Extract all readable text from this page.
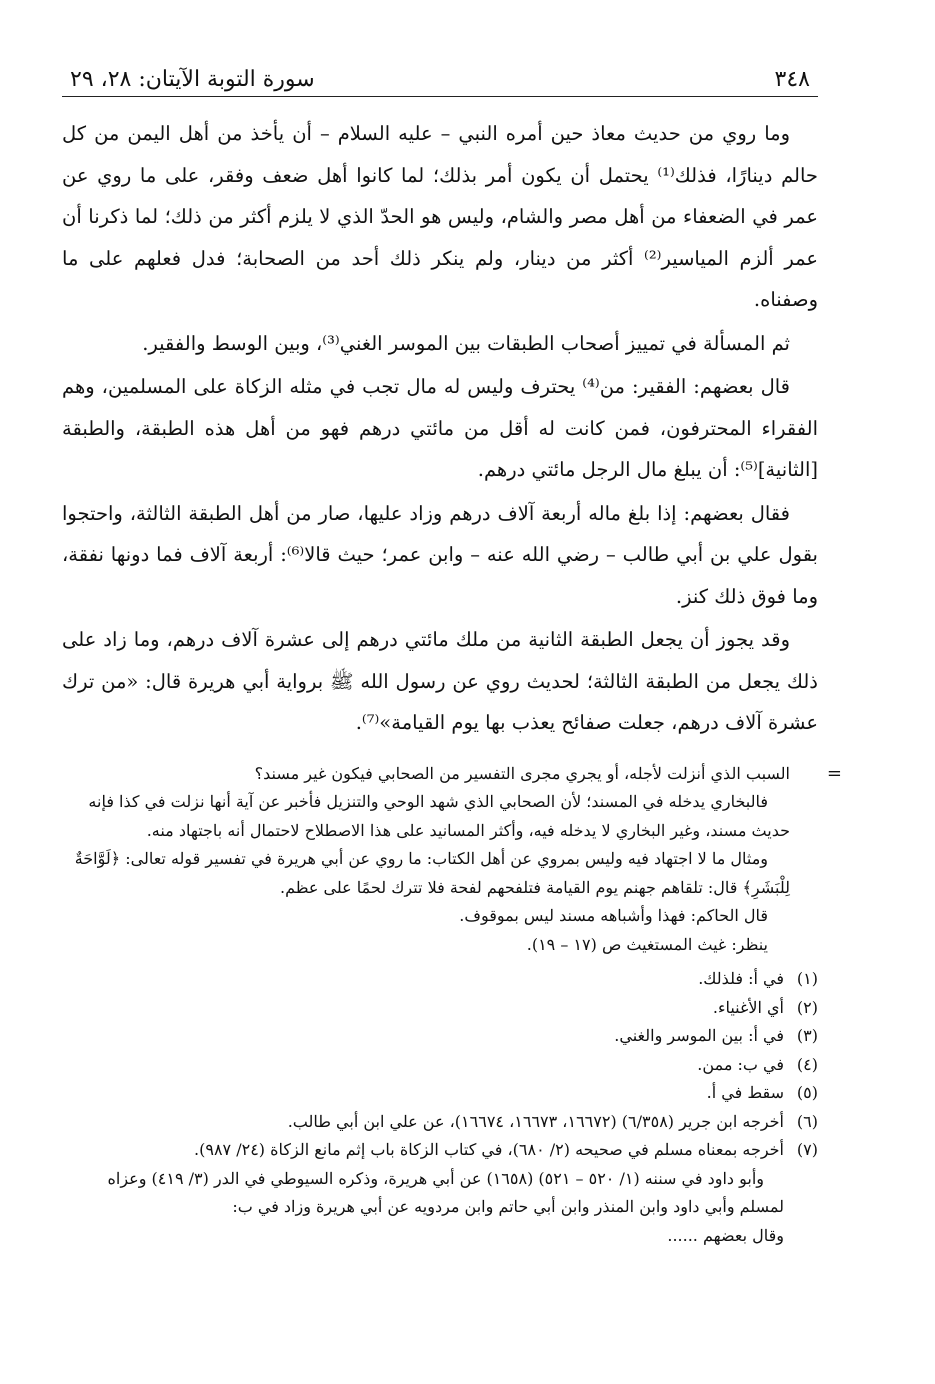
٣٤٨
سورة التوبة الآيتان: ٢٨، ٢٩

وما روي من حديث معاذ حين أمره النبي – عليه السلام – أن يأخذ من أهل اليمن من كل حالم دينارًا، فذلك⁽¹⁾ يحتمل أن يكون أمر بذلك؛ لما كانوا أهل ضعف وفقر، على ما روي عن عمر في الضعفاء من أهل مصر والشام، وليس هو الحدّ الذي لا يلزم أكثر من ذلك؛ لما ذكرنا أن عمر ألزم المياسير⁽²⁾ أكثر من دينار، ولم ينكر ذلك أحد من الصحابة؛ فدل فعلهم على ما وصفناه.

ثم المسألة في تمييز أصحاب الطبقات بين الموسر الغني⁽³⁾، وبين الوسط والفقير.

قال بعضهم: الفقير: من⁽⁴⁾ يحترف وليس له مال تجب في مثله الزكاة على المسلمين، وهم الفقراء المحترفون، فمن كانت له أقل من مائتي درهم فهو من أهل هذه الطبقة، والطبقة [الثانية]⁽⁵⁾: أن يبلغ مال الرجل مائتي درهم.

فقال بعضهم: إذا بلغ ماله أربعة آلاف درهم وزاد عليها، صار من أهل الطبقة الثالثة، واحتجوا بقول علي بن أبي طالب – رضي الله عنه – وابن عمر؛ حيث قالا⁽⁶⁾: أربعة آلاف فما دونها نفقة، وما فوق ذلك كنز.

وقد يجوز أن يجعل الطبقة الثانية من ملك مائتي درهم إلى عشرة آلاف درهم، وما زاد على ذلك يجعل من الطبقة الثالثة؛ لحديث روي عن رسول الله ﷺ برواية أبي هريرة قال: «من ترك عشرة آلاف درهم، جعلت صفائح يعذب بها يوم القيامة»⁽⁷⁾.

=

السبب الذي أنزلت لأجله، أو يجري مجرى التفسير من الصحابي فيكون غير مسند؟

فالبخاري يدخله في المسند؛ لأن الصحابي الذي شهد الوحي والتنزيل فأخبر عن آية أنها نزلت في كذا فإنه حديث مسند، وغير البخاري لا يدخله فيه، وأكثر المسانيد على هذا الاصطلاح لاحتمال أنه باجتهاد منه.

ومثال ما لا اجتهاد فيه وليس بمروي عن أهل الكتاب: ما روي عن أبي هريرة في تفسير قوله تعالى: ﴿لَوَّاحَةٌ لِلْبَشَرِ﴾ قال: تلقاهم جهنم يوم القيامة فتلفحهم لفحة فلا تترك لحمًا على عظم.

قال الحاكم: فهذا وأشباهه مسند ليس بموقوف.

ينظر: غيث المستغيث ص (١٧ – ١٩).

(١)
في أ: فلذلك.
(٢)
أي الأغنياء.
(٣)
في أ: بين الموسر والغني.
(٤)
في ب: ممن.
(٥)
سقط في أ.
(٦)
أخرجه ابن جرير (٦/٣٥٨) (١٦٦٧٢، ١٦٦٧٣، ١٦٦٧٤)، عن علي ابن أبي طالب.
(٧)
أخرجه بمعناه مسلم في صحيحه (٢/ ٦٨٠)، في كتاب الزكاة باب إثم مانع الزكاة (٢٤/ ٩٨٧).

وأبو داود في سننه (١/ ٥٢٠ – ٥٢١) (١٦٥٨) عن أبي هريرة، وذكره السيوطي في الدر (٣/ ٤١٩) وعزاه لمسلم وأبي داود وابن المنذر وابن أبي حاتم وابن مردويه عن أبي هريرة وزاد في ب:

وقال بعضهم ......
